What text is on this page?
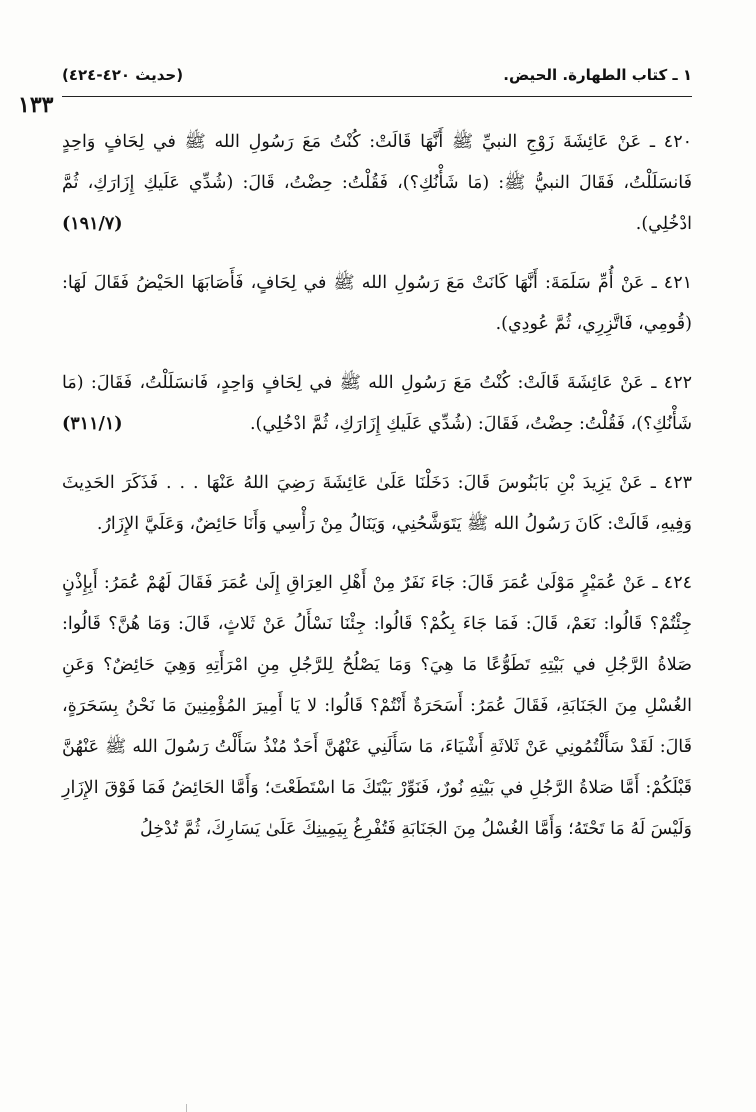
١ ـ كتاب الطهارة. الحيض.
(حديث ٤٢٠-٤٢٤)
١٣٣

٤٢٠ ـ عَنْ عَائِشَةَ زَوْجِ النبيِّ ﷺ أَنَّهَا قَالَتْ: كُنْتُ مَعَ رَسُولِ الله ﷺ في لِحَافٍ وَاحِدٍ فَانسَلَلْتُ، فَقَالَ النبيُّ ﷺ: (مَا شَأْنُكِ؟)، فَقُلْتُ: حِضْتُ، قَالَ: (شُدِّي عَلَيكِ إِزَارَكِ، ثُمَّ ادْخُلِي).
(١٩١/٧)

٤٢١ ـ عَنْ أُمِّ سَلَمَةَ: أَنَّهَا كَانَتْ مَعَ رَسُولِ الله ﷺ في لِحَافٍ، فَأَصَابَهَا الحَيْضُ فَقَالَ لَهَا: (قُومِي، فَاتَّزِرِي، ثُمَّ عُودِي).

٤٢٢ ـ عَنْ عَائِشَةَ قَالَتْ: كُنْتُ مَعَ رَسُولِ الله ﷺ في لِحَافٍ وَاحِدٍ، فَانسَلَلْتُ، فَقَالَ: (مَا شَأْنُكِ؟)، فَقُلْتُ: حِضْتُ، فَقَالَ: (شُدِّي عَلَيكِ إِزَارَكِ، ثُمَّ ادْخُلِي).
(٣١١/١)

٤٢٣ ـ عَنْ يَزِيدَ بْنِ بَابَنُوسَ قَالَ: دَخَلْنَا عَلَىٰ عَائِشَةَ رَضِيَ اللهُ عَنْهَا . . . فَذَكَرَ الحَدِيثَ وَفِيهِ، قَالَتْ: كَانَ رَسُولُ الله ﷺ يَتَوَشَّحُنِي، وَيَنَالُ مِنْ رَأْسِي وَأَنَا حَائِضٌ، وَعَلَيَّ الإِزَارُ.

٤٢٤ ـ عَنْ عُمَيْرٍ مَوْلَىٰ عُمَرَ قَالَ: جَاءَ نَفَرٌ مِنْ أَهْلِ العِرَاقِ إِلَىٰ عُمَرَ فَقَالَ لَهُمْ عُمَرُ: أَبِإِذْنٍ جِئْتُمْ؟ قَالُوا: نَعَمْ، قَالَ: فَمَا جَاءَ بِكُمْ؟ قَالُوا: جِئْنَا نَسْأَلُ عَنْ ثَلاثٍ، قَالَ: وَمَا هُنَّ؟ قَالُوا: صَلاةُ الرَّجُلِ في بَيْتِهِ تَطَوُّعًا مَا هِيَ؟ وَمَا يَصْلُحُ لِلرَّجُلِ مِنِ امْرَأَتِهِ وَهِيَ حَائِضٌ؟ وَعَنِ الغُسْلِ مِنَ الجَنَابَةِ، فَقَالَ عُمَرُ: أَسَحَرَةٌ أَنْتُمْ؟ قَالُوا: لا يَا أَمِيرَ المُؤْمِنِينَ مَا نَحْنُ بِسَحَرَةٍ، قَالَ: لَقَدْ سَأَلْتُمُونِي عَنْ ثَلاثَةِ أَشْيَاءَ، مَا سَأَلَنِي عَنْهُنَّ أَحَدٌ مُنْذُ سَأَلْتُ رَسُولَ الله ﷺ عَنْهُنَّ قَبْلَكُمْ: أَمَّا صَلاةُ الرَّجُلِ في بَيْتِهِ نُورٌ، فَنَوِّرْ بَيْتَكَ مَا اسْتَطَعْتَ؛ وَأَمَّا الحَائِضُ فَمَا فَوْقَ الإِزَارِ وَلَيْسَ لَهُ مَا تَحْتَهُ؛ وَأَمَّا الغُسْلُ مِنَ الجَنَابَةِ فَتُفْرِغُ بِيَمِينِكَ عَلَىٰ يَسَارِكَ، ثُمَّ تُدْخِلُ
